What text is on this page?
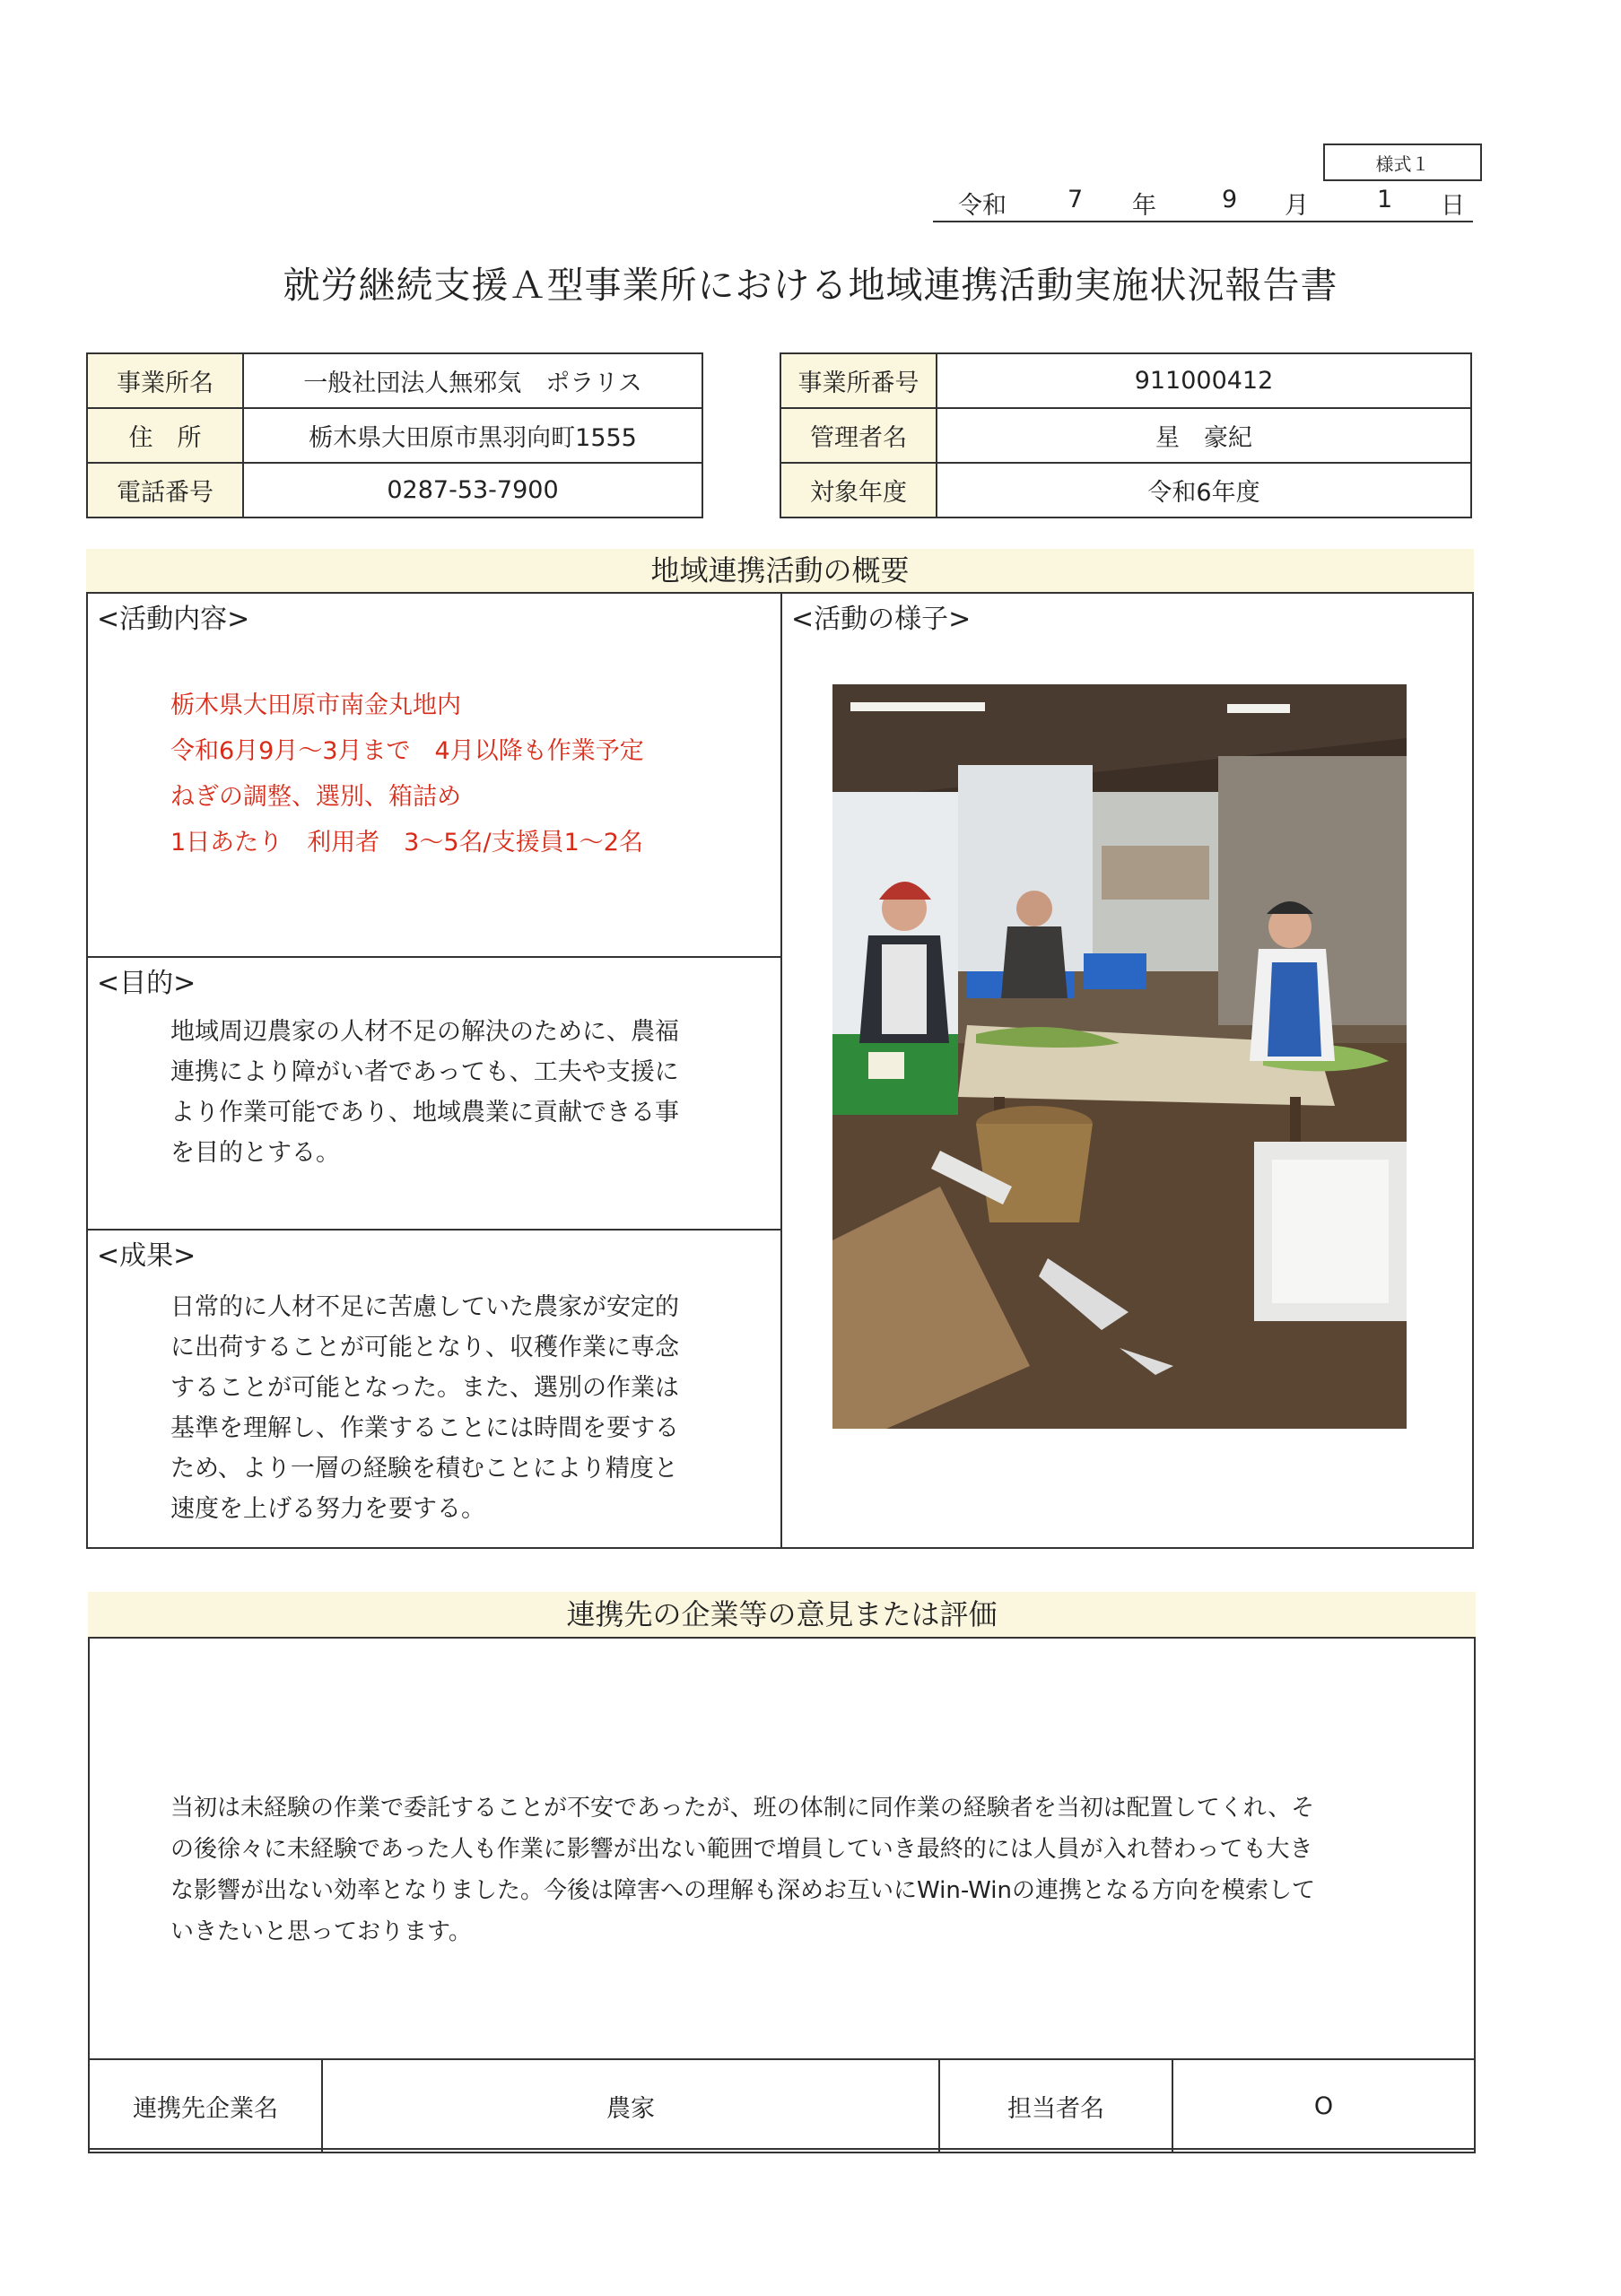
様式１
令和	7 年	9 月	1 日
就労継続支援Ａ型事業所における地域連携活動実施状況報告書
事業所名	一般社団法人無邪気　ポラリス
住　所	栃木県大田原市黒羽向町1555
電話番号	0287-53-7900
事業所番号	911000412
管理者名	星　豪紀
対象年度	令和6年度
地域連携活動の概要
<活動内容>
栃木県大田原市南金丸地内
令和6月9月～3月まで　4月以降も作業予定
ねぎの調整、選別、箱詰め
1日あたり　利用者　3～5名/支援員1～2名
<活動の様子>
<目的>
地域周辺農家の人材不足の解決のために、農福
連携により障がい者であっても、工夫や支援に
より作業可能であり、地域農業に貢献できる事
を目的とする。
<成果>
日常的に人材不足に苦慮していた農家が安定的
に出荷することが可能となり、収穫作業に専念
することが可能となった。また、選別の作業は
基準を理解し、作業することには時間を要する
ため、より一層の経験を積むことにより精度と
速度を上げる努力を要する。
連携先の企業等の意見または評価
当初は未経験の作業で委託することが不安であったが、班の体制に同作業の経験者を当初は配置してくれ、そ
の後徐々に未経験であった人も作業に影響が出ない範囲で増員していき最終的には人員が入れ替わっても大き
な影響が出ない効率となりました。今後は障害への理解も深めお互いにWin-Winの連携となる方向を模索して
いきたいと思っております。
連携先企業名	農家	担当者名	O
